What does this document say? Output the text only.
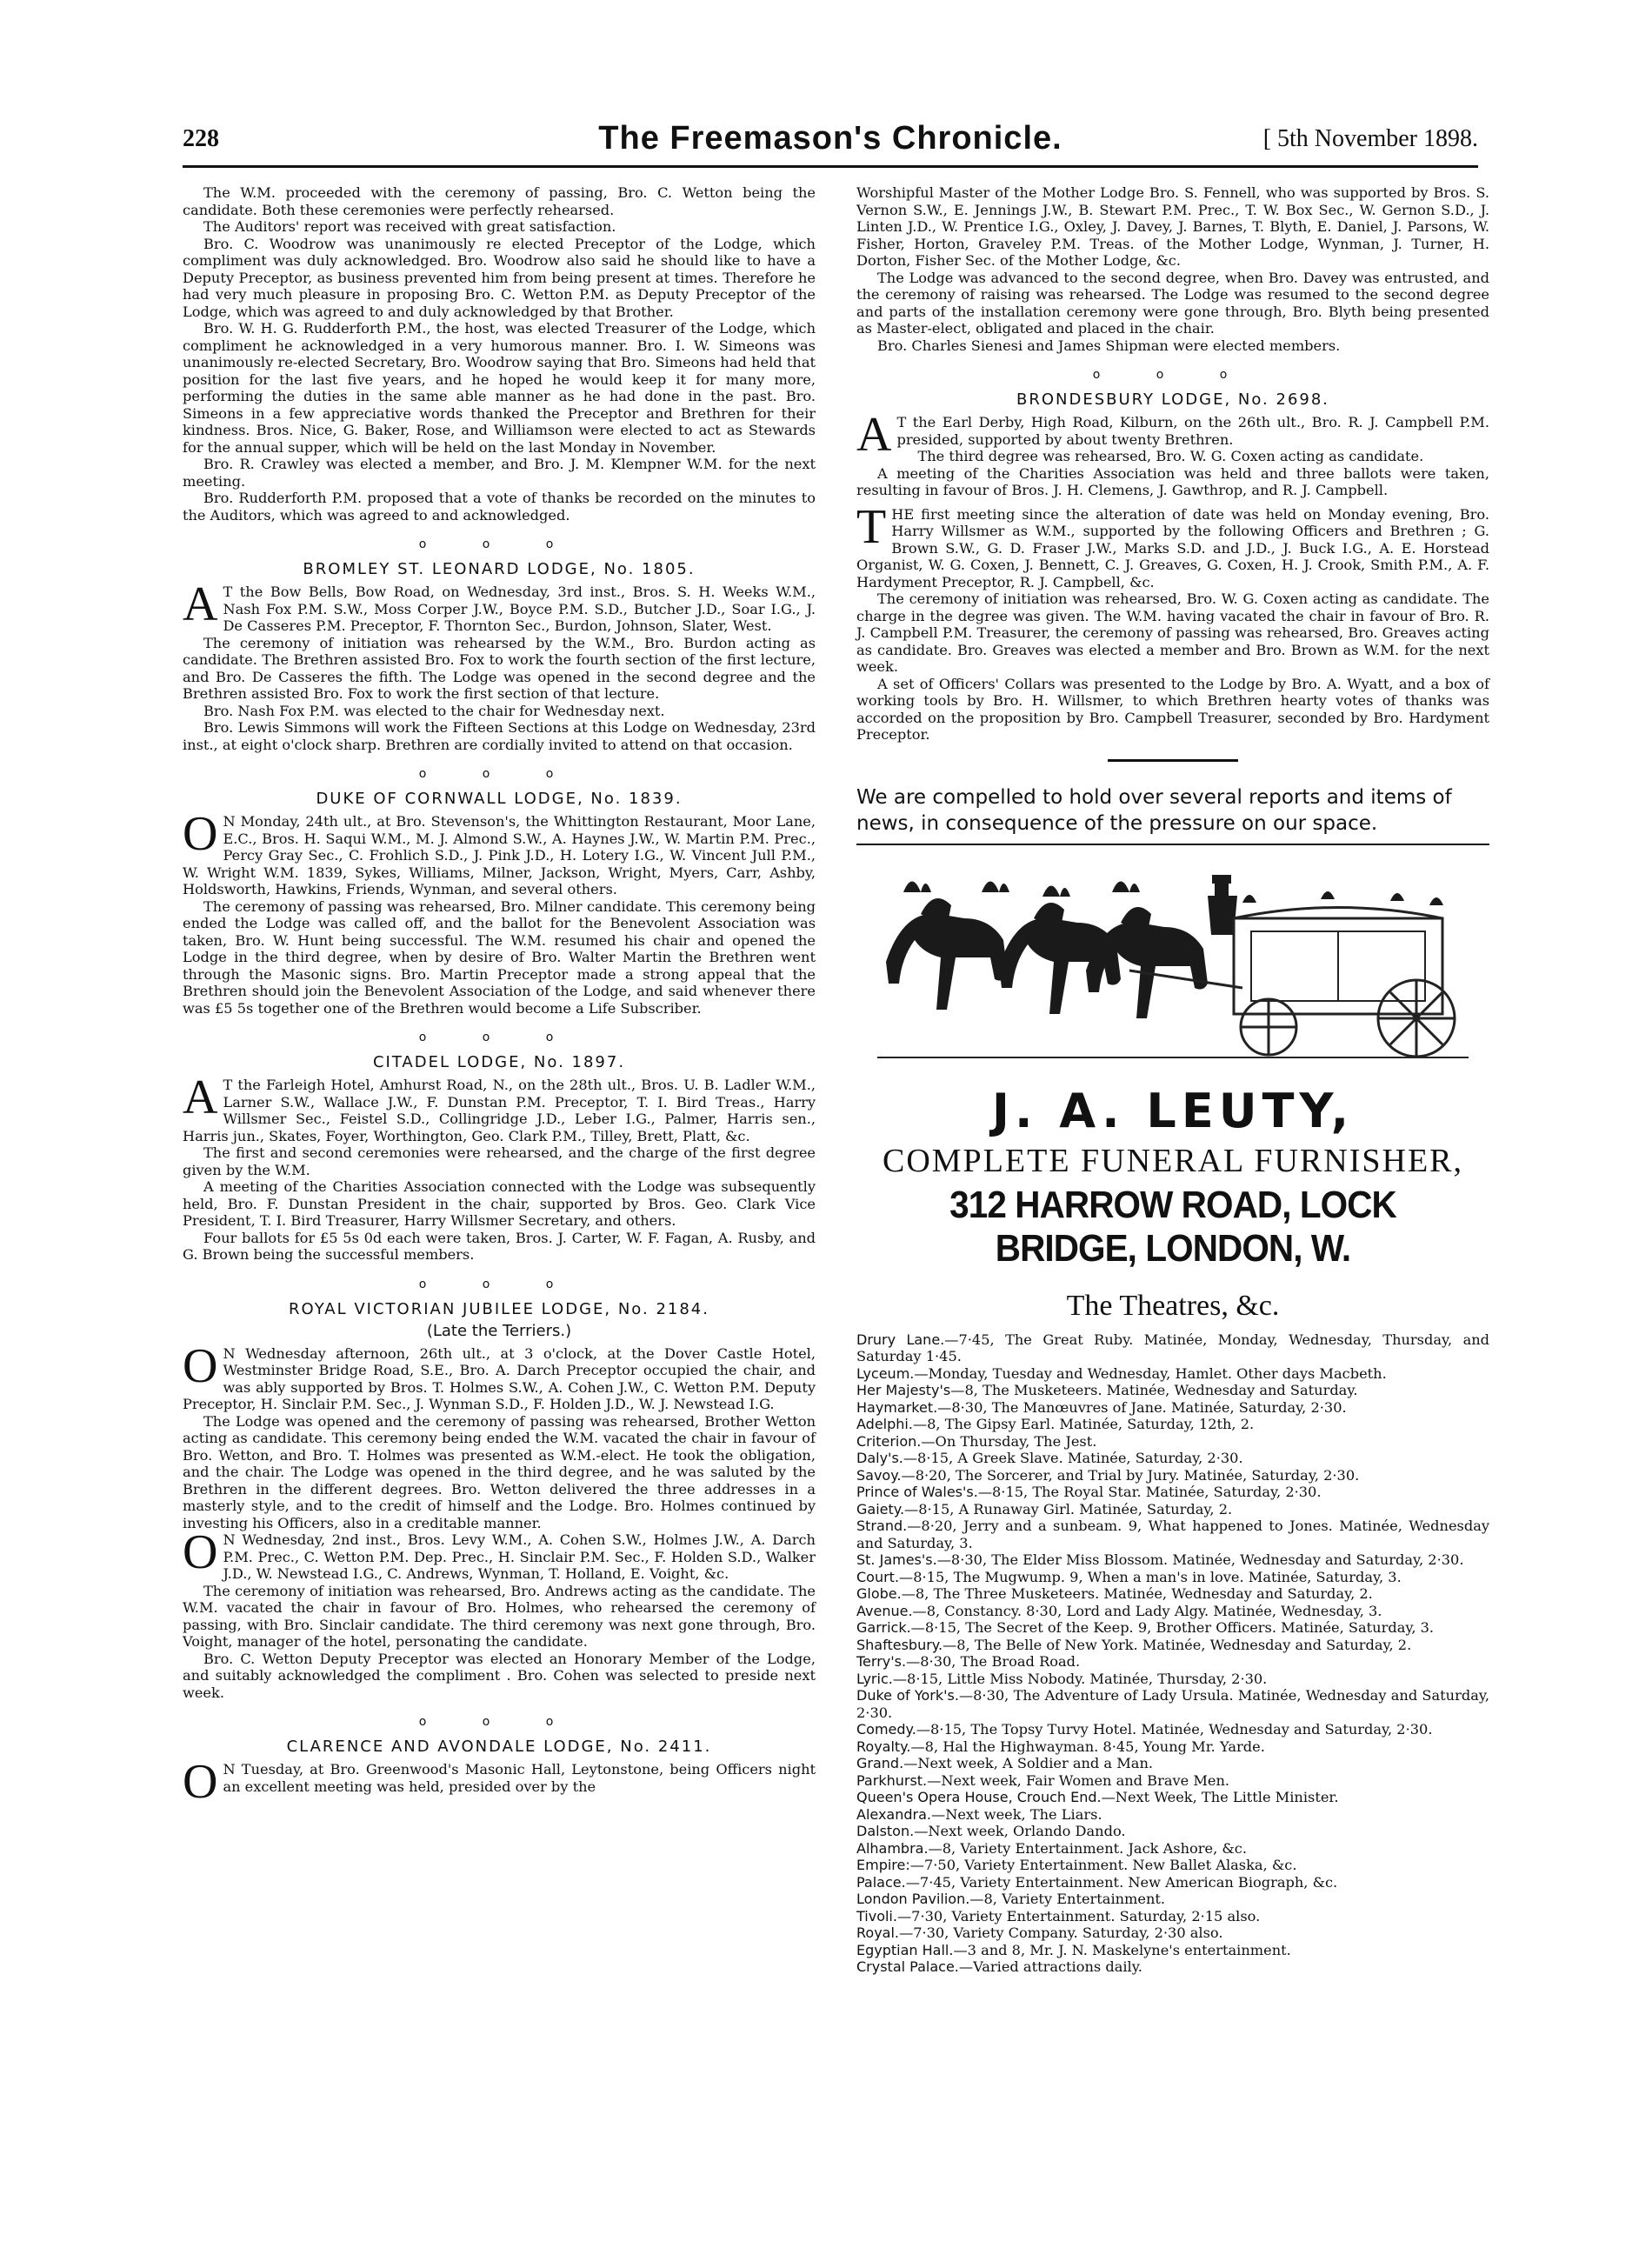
228	The Freemason's Chronicle.	[ 5th November 1898.

The W.M. proceeded with the ceremony of passing, Bro. C. Wetton being the candidate. Both these ceremonies were perfectly rehearsed.

The Auditors' report was received with great satisfaction.

Bro. C. Woodrow was unanimously re elected Preceptor of the Lodge, which compliment was duly acknowledged. Bro. Woodrow also said he should like to have a Deputy Preceptor, as business prevented him from being present at times. Therefore he had very much pleasure in proposing Bro. C. Wetton P.M. as Deputy Preceptor of the Lodge, which was agreed to and duly acknowledged by that Brother.

Bro. W. H. G. Rudderforth P.M., the host, was elected Treasurer of the Lodge, which compliment he acknowledged in a very humorous manner. Bro. I. W. Simeons was unanimously re-elected Secretary, Bro. Woodrow saying that Bro. Simeons had held that position for the last five years, and he hoped he would keep it for many more, performing the duties in the same able manner as he had done in the past. Bro. Simeons in a few appreciative words thanked the Preceptor and Brethren for their kindness. Bros. Nice, G. Baker, Rose, and Williamson were elected to act as Stewards for the annual supper, which will be held on the last Monday in November.

Bro. R. Crawley was elected a member, and Bro. J. M. Klempner W.M. for the next meeting.

Bro. Rudderforth P.M. proposed that a vote of thanks be recorded on the minutes to the Auditors, which was agreed to and acknowledged.

o o o
BROMLEY ST. LEONARD LODGE, No. 1805.

A T the Bow Bells, Bow Road, on Wednesday, 3rd inst., Bros. S. H. Weeks W.M., Nash Fox P.M. S.W., Moss Corper J.W., Boyce P.M. S.D., Butcher J.D., Soar I.G., J. De Casseres P.M. Preceptor, F. Thornton Sec., Burdon, Johnson, Slater, West.

The ceremony of initiation was rehearsed by the W.M., Bro. Burdon acting as candidate. The Brethren assisted Bro. Fox to work the fourth section of the first lecture, and Bro. De Casseres the fifth. The Lodge was opened in the second degree and the Brethren assisted Bro. Fox to work the first section of that lecture.

Bro. Nash Fox P.M. was elected to the chair for Wednesday next.

Bro. Lewis Simmons will work the Fifteen Sections at this Lodge on Wednesday, 23rd inst., at eight o'clock sharp. Brethren are cordially invited to attend on that occasion.

o o o
DUKE OF CORNWALL LODGE, No. 1839.

O N Monday, 24th ult., at Bro. Stevenson's, the Whittington Restaurant, Moor Lane, E.C., Bros. H. Saqui W.M., M. J. Almond S.W., A. Haynes J.W., W. Martin P.M. Prec., Percy Gray Sec., C. Frohlich S.D., J. Pink J.D., H. Lotery I.G., W. Vincent Jull P.M., W. Wright W.M. 1839, Sykes, Williams, Milner, Jackson, Wright, Myers, Carr, Ashby, Holdsworth, Hawkins, Friends, Wynman, and several others.

The ceremony of passing was rehearsed, Bro. Milner candidate. This ceremony being ended the Lodge was called off, and the ballot for the Benevolent Association was taken, Bro. W. Hunt being successful. The W.M. resumed his chair and opened the Lodge in the third degree, when by desire of Bro. Walter Martin the Brethren went through the Masonic signs. Bro. Martin Preceptor made a strong appeal that the Brethren should join the Benevolent Association of the Lodge, and said whenever there was £5 5s together one of the Brethren would become a Life Subscriber.

o o o
CITADEL LODGE, No. 1897.

A T the Farleigh Hotel, Amhurst Road, N., on the 28th ult., Bros. U. B. Ladler W.M., Larner S.W., Wallace J.W., F. Dunstan P.M. Preceptor, T. I. Bird Treas., Harry Willsmer Sec., Feistel S.D., Collingridge J.D., Leber I.G., Palmer, Harris sen., Harris jun., Skates, Foyer, Worthington, Geo. Clark P.M., Tilley, Brett, Platt, &c.

The first and second ceremonies were rehearsed, and the charge of the first degree given by the W.M.

A meeting of the Charities Association connected with the Lodge was subsequently held, Bro. F. Dunstan President in the chair, supported by Bros. Geo. Clark Vice President, T. I. Bird Treasurer, Harry Willsmer Secretary, and others.

Four ballots for £5 5s 0d each were taken, Bros. J. Carter, W. F. Fagan, A. Rusby, and G. Brown being the successful members.

o o o
ROYAL VICTORIAN JUBILEE LODGE, No. 2184.
(Late the Terriers.)

O N Wednesday afternoon, 26th ult., at 3 o'clock, at the Dover Castle Hotel, Westminster Bridge Road, S.E., Bro. A. Darch Preceptor occupied the chair, and was ably supported by Bros. T. Holmes S.W., A. Cohen J.W., C. Wetton P.M. Deputy Preceptor, H. Sinclair P.M. Sec., J. Wynman S.D., F. Holden J.D., W. J. Newstead I.G.

The Lodge was opened and the ceremony of passing was rehearsed, Brother Wetton acting as candidate. This ceremony being ended the W.M. vacated the chair in favour of Bro. Wetton, and Bro. T. Holmes was presented as W.M.-elect. He took the obligation, and the chair. The Lodge was opened in the third degree, and he was saluted by the Brethren in the different degrees. Bro. Wetton delivered the three addresses in a masterly style, and to the credit of himself and the Lodge. Bro. Holmes continued by investing his Officers, also in a creditable manner.

O N Wednesday, 2nd inst., Bros. Levy W.M., A. Cohen S.W., Holmes J.W., A. Darch P.M. Prec., C. Wetton P.M. Dep. Prec., H. Sinclair P.M. Sec., F. Holden S.D., Walker J.D., W. Newstead I.G., C. Andrews, Wynman, T. Holland, E. Voight, &c.

The ceremony of initiation was rehearsed, Bro. Andrews acting as the candidate. The W.M. vacated the chair in favour of Bro. Holmes, who rehearsed the ceremony of passing, with Bro. Sinclair candidate. The third ceremony was next gone through, Bro. Voight, manager of the hotel, personating the candidate.

Bro. C. Wetton Deputy Preceptor was elected an Honorary Member of the Lodge, and suitably acknowledged the compliment . Bro. Cohen was selected to preside next week.

o o o
CLARENCE AND AVONDALE LODGE, No. 2411.

O N Tuesday, at Bro. Greenwood's Masonic Hall, Leytonstone, being Officers night an excellent meeting was held, presided over by the

Worshipful Master of the Mother Lodge Bro. S. Fennell, who was supported by Bros. S. Vernon S.W., E. Jennings J.W., B. Stewart P.M. Prec., T. W. Box Sec., W. Gernon S.D., J. Linten J.D., W. Prentice I.G., Oxley, J. Davey, J. Barnes, T. Blyth, E. Daniel, J. Parsons, W. Fisher, Horton, Graveley P.M. Treas. of the Mother Lodge, Wynman, J. Turner, H. Dorton, Fisher Sec. of the Mother Lodge, &c.

The Lodge was advanced to the second degree, when Bro. Davey was entrusted, and the ceremony of raising was rehearsed. The Lodge was resumed to the second degree and parts of the installation ceremony were gone through, Bro. Blyth being presented as Master-elect, obligated and placed in the chair.

Bro. Charles Sienesi and James Shipman were elected members.

o o o
BRONDESBURY LODGE, No. 2698.

A T the Earl Derby, High Road, Kilburn, on the 26th ult., Bro. R. J. Campbell P.M. presided, supported by about twenty Brethren.

The third degree was rehearsed, Bro. W. G. Coxen acting as candidate.

A meeting of the Charities Association was held and three ballots were taken, resulting in favour of Bros. J. H. Clemens, J. Gawthrop, and R. J. Campbell.

THE first meeting since the alteration of date was held on Monday evening, Bro. Harry Willsmer as W.M., supported by the following Officers and Brethren ; G. Brown S.W., G. D. Fraser J.W., Marks S.D. and J.D., J. Buck I.G., A. E. Horstead Organist, W. G. Coxen, J. Bennett, C. J. Greaves, G. Coxen, H. J. Crook, Smith P.M., A. F. Hardyment Preceptor, R. J. Campbell, &c.

The ceremony of initiation was rehearsed, Bro. W. G. Coxen acting as candidate. The charge in the degree was given. The W.M. having vacated the chair in favour of Bro. R. J. Campbell P.M. Treasurer, the ceremony of passing was rehearsed, Bro. Greaves acting as candidate. Bro. Greaves was elected a member and Bro. Brown as W.M. for the next week.

A set of Officers' Collars was presented to the Lodge by Bro. A. Wyatt, and a box of working tools by Bro. H. Willsmer, to which Brethren hearty votes of thanks was accorded on the proposition by Bro. Campbell Treasurer, seconded by Bro. Hardyment Preceptor.

We are compelled to hold over several reports and items of news, in consequence of the pressure on our space.
J. A. LEUTY,
COMPLETE FUNERAL FURNISHER,
312 HARROW ROAD, LOCK BRIDGE, LONDON, W.
The Theatres, &c.

Drury Lane.—7·45, The Great Ruby. Matinée, Monday, Wednesday, Thursday, and Saturday 1·45.

Lyceum.—Monday, Tuesday and Wednesday, Hamlet. Other days Macbeth.

Her Majesty's—8, The Musketeers. Matinée, Wednesday and Saturday.

Haymarket.—8·30, The Manœuvres of Jane. Matinée, Saturday, 2·30.

Adelphi.—8, The Gipsy Earl. Matinée, Saturday, 12th, 2.

Criterion.—On Thursday, The Jest.

Daly's.—8·15, A Greek Slave. Matinée, Saturday, 2·30.

Savoy.—8·20, The Sorcerer, and Trial by Jury. Matinée, Saturday, 2·30.

Prince of Wales's.—8·15, The Royal Star. Matinée, Saturday, 2·30.

Gaiety.—8·15, A Runaway Girl. Matinée, Saturday, 2.

Strand.—8·20, Jerry and a sunbeam. 9, What happened to Jones. Matinée, Wednesday and Saturday, 3.

St. James's.—8·30, The Elder Miss Blossom. Matinée, Wednesday and Saturday, 2·30.

Court.—8·15, The Mugwump. 9, When a man's in love. Matinée, Saturday, 3.

Globe.—8, The Three Musketeers. Matinée, Wednesday and Saturday, 2.

Avenue.—8, Constancy. 8·30, Lord and Lady Algy. Matinée, Wednesday, 3.

Garrick.—8·15, The Secret of the Keep. 9, Brother Officers. Matinée, Saturday, 3.

Shaftesbury.—8, The Belle of New York. Matinée, Wednesday and Saturday, 2.

Terry's.—8·30, The Broad Road.

Lyric.—8·15, Little Miss Nobody. Matinée, Thursday, 2·30.

Duke of York's.—8·30, The Adventure of Lady Ursula. Matinée, Wednesday and Saturday, 2·30.

Comedy.—8·15, The Topsy Turvy Hotel. Matinée, Wednesday and Saturday, 2·30.

Royalty.—8, Hal the Highwayman. 8·45, Young Mr. Yarde.

Grand.—Next week, A Soldier and a Man.

Parkhurst.—Next week, Fair Women and Brave Men.

Queen's Opera House, Crouch End.—Next Week, The Little Minister.

Alexandra.—Next week, The Liars.

Dalston.—Next week, Orlando Dando.

Alhambra.—8, Variety Entertainment. Jack Ashore, &c.

Empire:—7·50, Variety Entertainment. New Ballet Alaska, &c.

Palace.—7·45, Variety Entertainment. New American Biograph, &c.

London Pavilion.—8, Variety Entertainment.

Tivoli.—7·30, Variety Entertainment. Saturday, 2·15 also.

Royal.—7·30, Variety Company. Saturday, 2·30 also.

Egyptian Hall.—3 and 8, Mr. J. N. Maskelyne's entertainment.

Crystal Palace.—Varied attractions daily.
